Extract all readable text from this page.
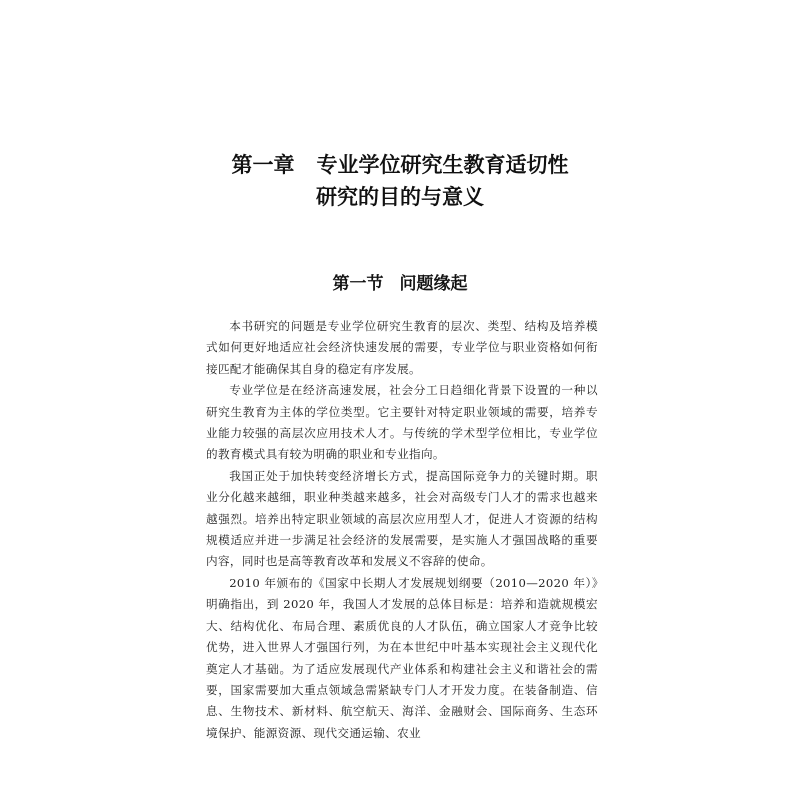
第一章 专业学位研究生教育适切性
研究的目的与意义
第一节 问题缘起

本书研究的问题是专业学位研究生教育的层次、类型、结构及培养模式如何更好地适应社会经济快速发展的需要，专业学位与职业资格如何衔接匹配才能确保其自身的稳定有序发展。

专业学位是在经济高速发展，社会分工日趋细化背景下设置的一种以研究生教育为主体的学位类型。它主要针对特定职业领域的需要，培养专业能力较强的高层次应用技术人才。与传统的学术型学位相比，专业学位的教育模式具有较为明确的职业和专业指向。

我国正处于加快转变经济增长方式，提高国际竞争力的关键时期。职业分化越来越细，职业种类越来越多，社会对高级专门人才的需求也越来越强烈。培养出特定职业领域的高层次应用型人才，促进人才资源的结构规模适应并进一步满足社会经济的发展需要，是实施人才强国战略的重要内容，同时也是高等教育改革和发展义不容辞的使命。

2010 年颁布的《国家中长期人才发展规划纲要（2010—2020 年）》明确指出，到 2020 年，我国人才发展的总体目标是：培养和造就规模宏大、结构优化、布局合理、素质优良的人才队伍，确立国家人才竞争比较优势，进入世界人才强国行列，为在本世纪中叶基本实现社会主义现代化奠定人才基础。为了适应发展现代产业体系和构建社会主义和谐社会的需要，国家需要加大重点领域急需紧缺专门人才开发力度。在装备制造、信息、生物技术、新材料、航空航天、海洋、金融财会、国际商务、生态环境保护、能源资源、现代交通运输、农业
